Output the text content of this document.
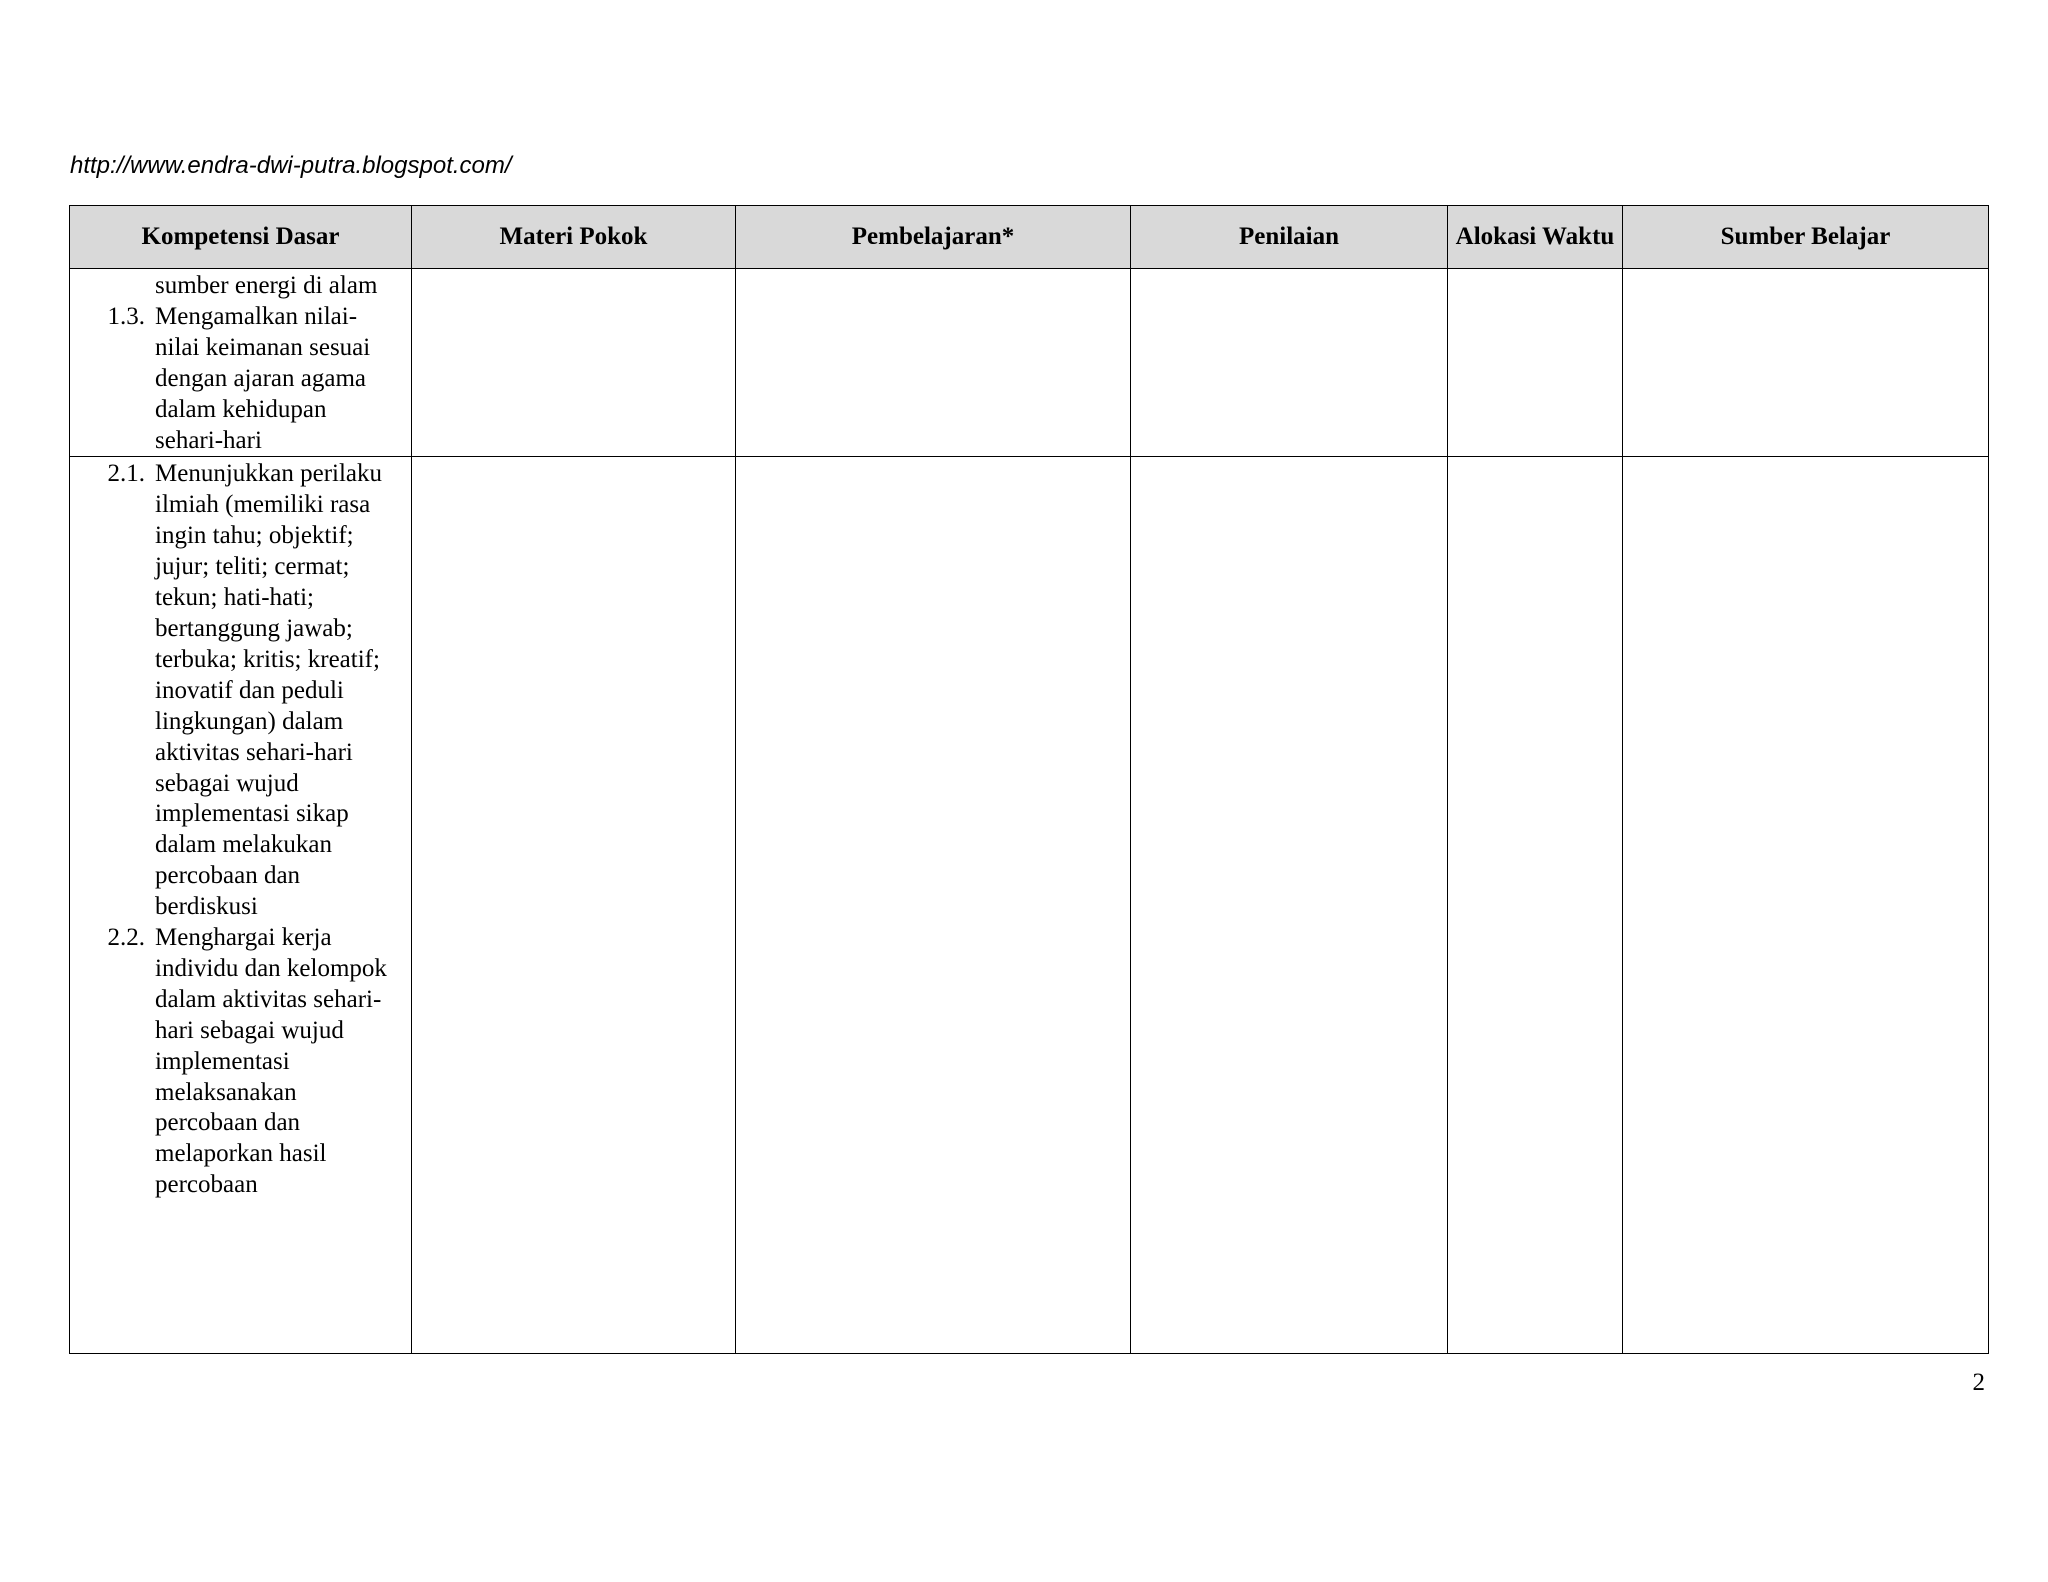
http://www.endra-dwi-putra.blogspot.com/
Kompetensi Dasar	Materi Pokok	Pembelajaran*	Penilaian	Alokasi Waktu	Sumber Belajar

sumber energi di alam
1.3. Mengamalkan nilai-nilai keimanan sesuai dengan ajaran agama dalam kehidupan sehari-hari					

2.1. Menunjukkan perilaku ilmiah (memiliki rasa ingin tahu; objektif; jujur; teliti; cermat; tekun; hati-hati; bertanggung jawab; terbuka; kritis; kreatif; inovatif dan peduli lingkungan) dalam aktivitas sehari-hari sebagai wujud implementasi sikap dalam melakukan percobaan dan berdiskusi
2.2. Menghargai kerja individu dan kelompok dalam aktivitas sehari-hari sebagai wujud implementasi melaksanakan percobaan dan melaporkan hasil percobaan					

2
